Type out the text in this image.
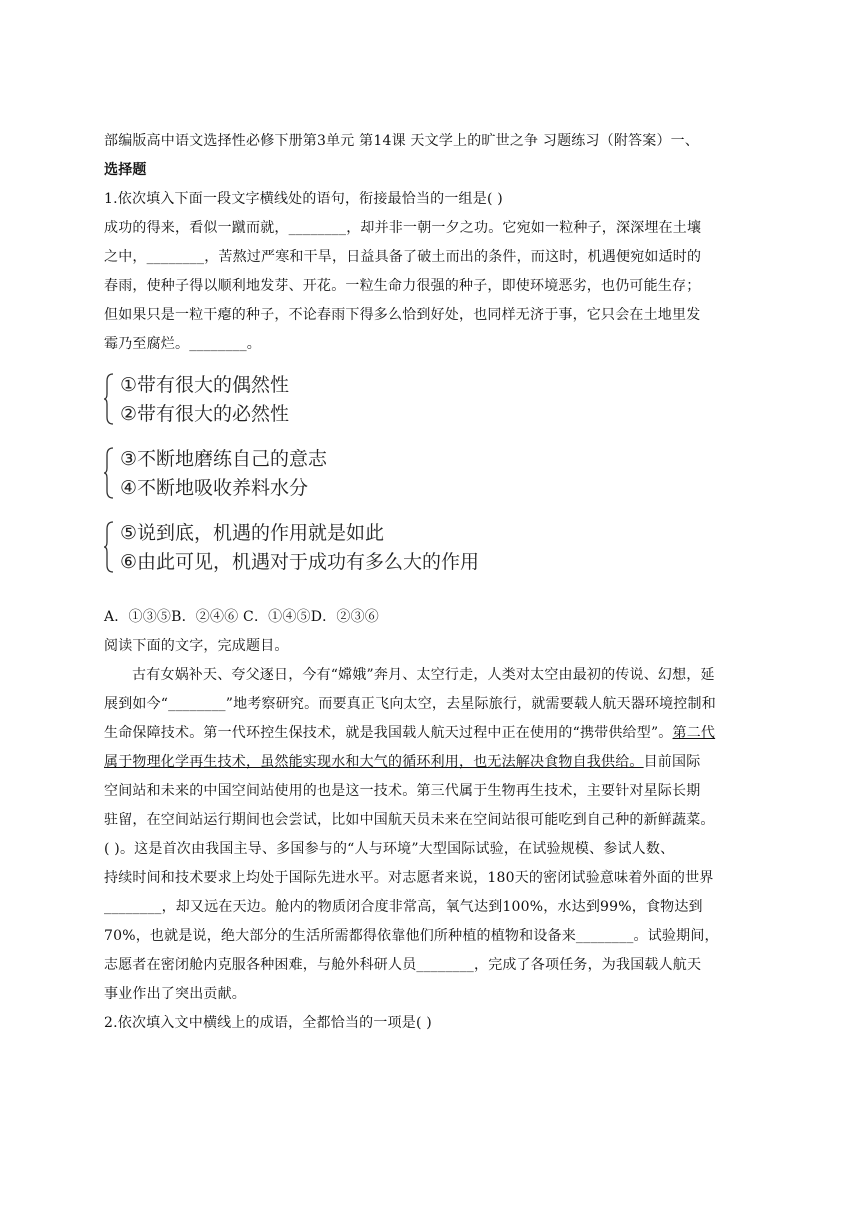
部编版高中语文选择性必修下册第3单元 第14课 天文学上的旷世之争 习题练习（附答案）一、
选择题
1.依次填入下面一段文字横线处的语句，衔接最恰当的一组是( )
成功的得来，看似一蹴而就，________，却并非一朝一夕之功。它宛如一粒种子，深深埋在土壤
之中，________，苦熬过严寒和干旱，日益具备了破土而出的条件，而这时，机遇便宛如适时的
春雨，使种子得以顺利地发芽、开花。一粒生命力很强的种子，即使环境恶劣，也仍可能生存；
但如果只是一粒干瘪的种子，不论春雨下得多么恰到好处，也同样无济于事，它只会在土地里发
霉乃至腐烂。________。
①带有很大的偶然性
②带有很大的必然性
③不断地磨练自己的意志
④不断地吸收养料水分
⑤说到底，机遇的作用就是如此
⑥由此可见，机遇对于成功有多么大的作用
A．①③⑤B．②④⑥ C．①④⑤D．②③⑥
阅读下面的文字，完成题目。
古有女娲补天、夸父逐日，今有“嫦娥”奔月、太空行走，人类对太空由最初的传说、幻想，延
展到如今“________”地考察研究。而要真正飞向太空，去星际旅行，就需要载人航天器环境控制和
生命保障技术。第一代环控生保技术，就是我国载人航天过程中正在使用的“携带供给型”。第二代
属于物理化学再生技术，虽然能实现水和大气的循环利用，也无法解决食物自我供给。目前国际
空间站和未来的中国空间站使用的也是这一技术。第三代属于生物再生技术，主要针对星际长期
驻留，在空间站运行期间也会尝试，比如中国航天员未来在空间站很可能吃到自己种的新鲜蔬菜。
( )。这是首次由我国主导、多国参与的“人与环境”大型国际试验，在试验规模、参试人数、
持续时间和技术要求上均处于国际先进水平。对志愿者来说，180天的密闭试验意味着外面的世界
________，却又远在天边。舱内的物质闭合度非常高，氧气达到100%，水达到99%，食物达到
70%，也就是说，绝大部分的生活所需都得依靠他们所种植的植物和设备来________。试验期间，
志愿者在密闭舱内克服各种困难，与舱外科研人员________，完成了各项任务，为我国载人航天
事业作出了突出贡献。
2.依次填入文中横线上的成语，全都恰当的一项是( )
